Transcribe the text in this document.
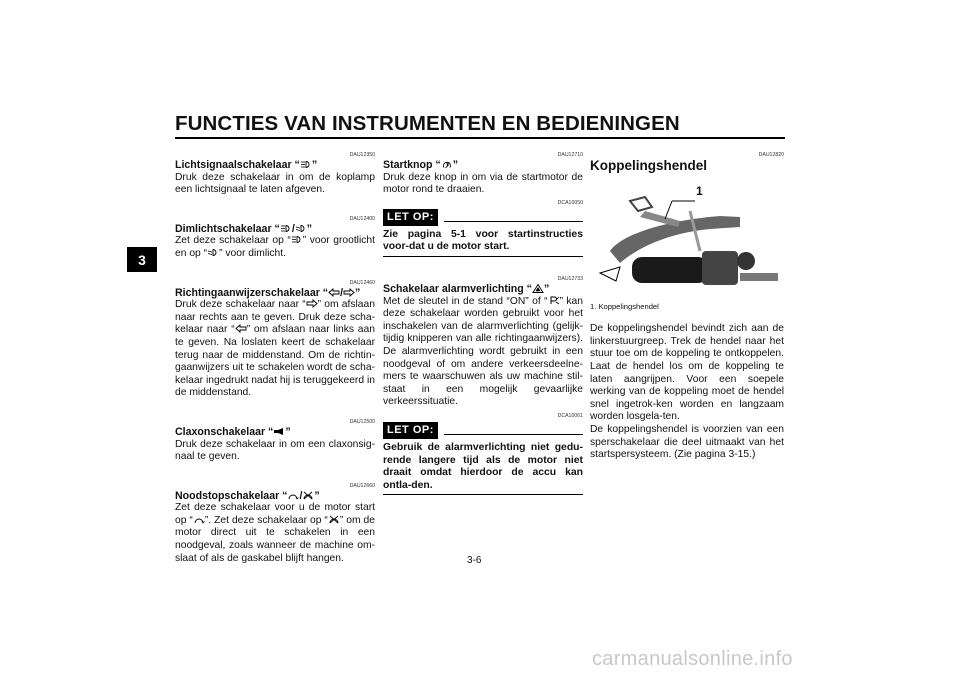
FUNCTIES VAN INSTRUMENTEN EN BEDIENINGEN
3
DAU12350
Lichtsignaalschakelaar “ ”
Druk deze schakelaar in om de koplamp een lichtsignaal te laten afgeven.
DAU12400
Dimlichtschakelaar “ / ”
Zet deze schakelaar op “ ” voor grootlicht en op “ ” voor dimlicht.
DAU12460
Richtingaanwijzerschakelaar “ / ”
Druk deze schakelaar naar “ ” om afslaan naar rechts aan te geven. Druk deze scha-kelaar naar “ ” om afslaan naar links aan te geven. Na loslaten keert de schakelaar terug naar de middenstand. Om de richtin-gaanwijzers uit te schakelen wordt de scha-kelaar ingedrukt nadat hij is teruggekeerd in de middenstand.
DAU12500
Claxonschakelaar “ ”
Druk deze schakelaar in om een claxonsig-naal te geven.
DAU12660
Noodstopschakelaar “ / ”
Zet deze schakelaar voor u de motor start op “ ”. Zet deze schakelaar op “ ” om de motor direct uit te schakelen in een noodgeval, zoals wanneer de machine om-slaat of als de gaskabel blijft hangen.
DAU12710
Startknop “ ”
Druk deze knop in om via de startmotor de motor rond te draaien.
DCA10050
LET OP:
Zie pagina 5-1 voor startinstructies voor-dat u de motor start.
DAU12733
Schakelaar alarmverlichting “ ”
Met de sleutel in de stand “ON” of “ ” kan deze schakelaar worden gebruikt voor het inschakelen van de alarmverlichting (gelijk-tijdig knipperen van alle richtingaanwijzers). De alarmverlichting wordt gebruikt in een noodgeval of om andere verkeersdeelne-mers te waarschuwen als uw machine stil-staat in een mogelijk gevaarlijke verkeerssituatie.
DCA10061
LET OP:
Gebruik de alarmverlichting niet gedu-rende langere tijd als de motor niet draait omdat hierdoor de accu kan ontla-den.
DAU12820
Koppelingshendel
1
1. Koppelingshendel
De koppelingshendel bevindt zich aan de linkerstuurgreep. Trek de hendel naar het stuur toe om de koppeling te ontkoppelen. Laat de hendel los om de koppeling te laten aangrijpen. Voor een soepele werking van de koppeling moet de hendel snel ingetrok-ken worden en langzaam worden losgela-ten.
De koppelingshendel is voorzien van een sperschakelaar die deel uitmaakt van het startspersysteem. (Zie pagina 3-15.)
3-6
carmanualsonline.info
